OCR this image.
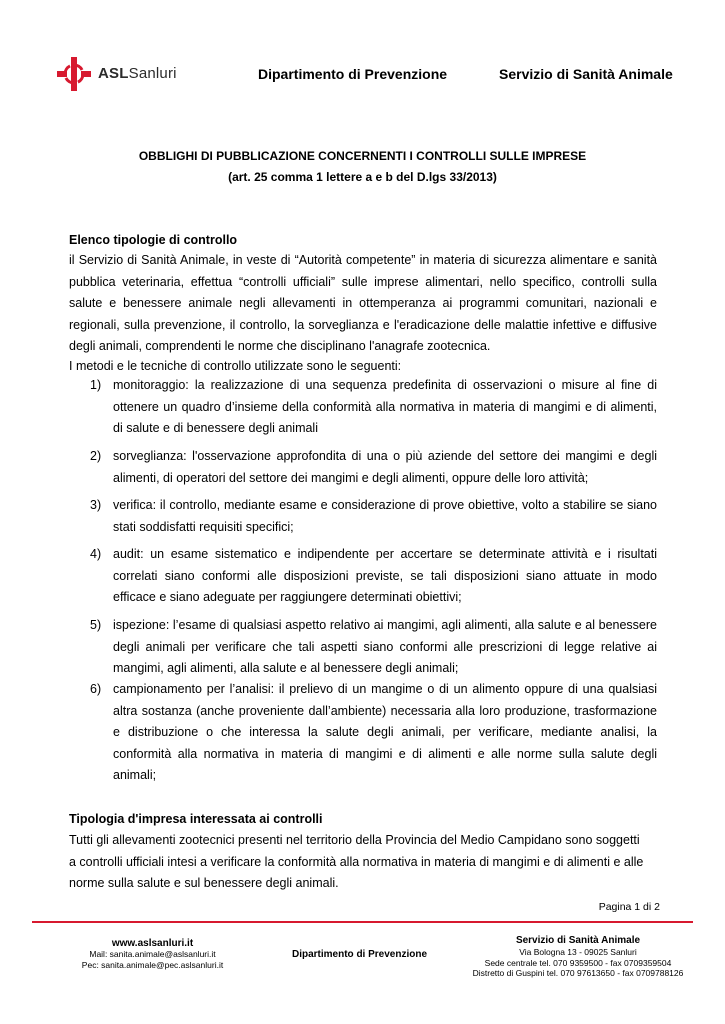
ASLSanluri	Dipartimento di Prevenzione	Servizio di Sanità Animale
OBBLIGHI DI PUBBLICAZIONE CONCERNENTI I CONTROLLI SULLE IMPRESE
(art. 25 comma 1 lettere a e b del D.lgs 33/2013)
Elenco tipologie di controllo
il Servizio di Sanità Animale, in veste di “Autorità competente” in materia di sicurezza alimentare e sanità pubblica veterinaria, effettua “controlli ufficiali” sulle imprese alimentari, nello specifico, controlli sulla salute e benessere animale negli allevamenti in ottemperanza ai programmi comunitari, nazionali e regionali, sulla prevenzione, il controllo, la sorveglianza e l'eradicazione delle malattie infettive e diffusive degli animali, comprendenti le norme che disciplinano l'anagrafe zootecnica.
I metodi e le tecniche di controllo utilizzate sono le seguenti:
1) monitoraggio: la realizzazione di una sequenza predefinita di osservazioni o misure al fine di ottenere un quadro d’insieme della conformità alla normativa in materia di mangimi e di alimenti, di salute e di benessere degli animali
2) sorveglianza: l'osservazione approfondita di una o più aziende del settore dei mangimi e degli alimenti, di operatori del settore dei mangimi e degli alimenti, oppure delle loro attività;
3) verifica: il controllo, mediante esame e considerazione di prove obiettive, volto a stabilire se siano stati soddisfatti requisiti specifici;
4) audit: un esame sistematico e indipendente per accertare se determinate attività e i risultati correlati siano conformi alle disposizioni previste, se tali disposizioni siano attuate in modo efficace e siano adeguate per raggiungere determinati obiettivi;
5) ispezione: l’esame di qualsiasi aspetto relativo ai mangimi, agli alimenti, alla salute e al benessere degli animali per verificare che tali aspetti siano conformi alle prescrizioni di legge relative ai mangimi, agli alimenti, alla salute e al benessere degli animali;
6) campionamento per l’analisi: il prelievo di un mangime o di un alimento oppure di una qualsiasi altra sostanza (anche proveniente dall’ambiente) necessaria alla loro produzione, trasformazione e distribuzione o che interessa la salute degli animali, per verificare, mediante analisi, la conformità alla normativa in materia di mangimi e di alimenti e alle norme sulla salute degli animali;
Tipologia d'impresa interessata ai controlli
Tutti gli allevamenti zootecnici presenti nel territorio della Provincia del Medio Campidano sono soggetti a controlli ufficiali intesi a verificare la conformità alla normativa in materia di mangimi e di alimenti e alle norme sulla salute e sul benessere degli animali.
Pagina 1 di 2
www.aslsanluri.it
Mail: sanita.animale@aslsanluri.it
Pec: sanita.animale@pec.aslsanluri.it
Dipartimento di Prevenzione
Servizio di Sanità Animale
Via Bologna 13 - 09025 Sanluri
Sede centrale tel. 070 9359500 - fax 0709359504
Distretto di Guspini tel. 070 97613650 - fax 0709788126
